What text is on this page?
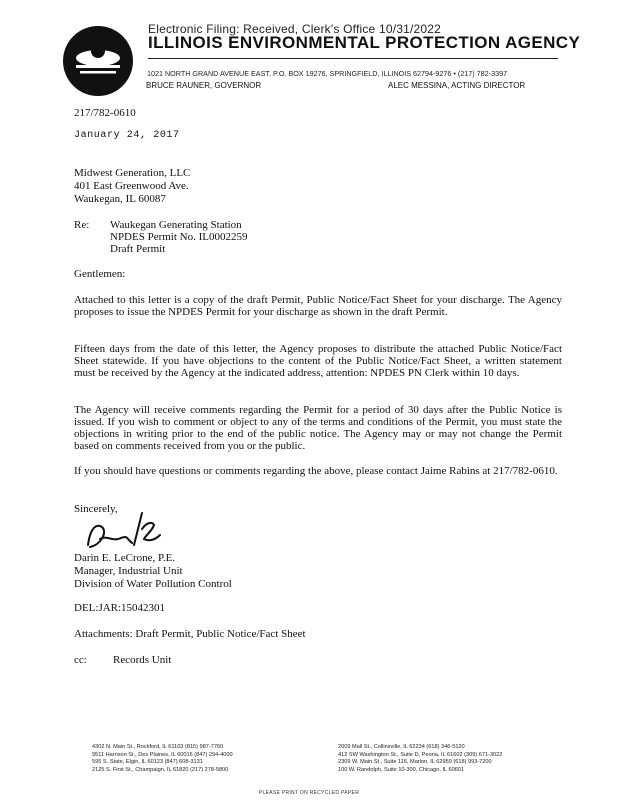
Electronic Filing: Received, Clerk's Office 10/31/2022
ILLINOIS ENVIRONMENTAL PROTECTION AGENCY
1021 NORTH GRAND AVENUE EAST, P.O. BOX 19276, SPRINGFIELD, ILLINOIS 62794-9276 • (217) 782-3397
BRUCE RAUNER, GOVERNOR	ALEC MESSINA, ACTING DIRECTOR
217/782-0610
January 24, 2017
Midwest Generation, LLC
401 East Greenwood Ave.
Waukegan, IL 60087
Re: Waukegan Generating Station
NPDES Permit No. IL0002259
Draft Permit
Gentlemen:
Attached to this letter is a copy of the draft Permit, Public Notice/Fact Sheet for your discharge. The Agency proposes to issue the NPDES Permit for your discharge as shown in the draft Permit.
Fifteen days from the date of this letter, the Agency proposes to distribute the attached Public Notice/Fact Sheet statewide. If you have objections to the content of the Public Notice/Fact Sheet, a written statement must be received by the Agency at the indicated address, attention: NPDES PN Clerk within 10 days.
The Agency will receive comments regarding the Permit for a period of 30 days after the Public Notice is issued. If you wish to comment or object to any of the terms and conditions of the Permit, you must state the objections in writing prior to the end of the public notice. The Agency may or may not change the Permit based on comments received from you or the public.
If you should have questions or comments regarding the above, please contact Jaime Rabins at 217/782-0610.
Sincerely,
Darin E. LeCrone, P.E.
Manager, Industrial Unit
Division of Water Pollution Control
DEL:JAR:15042301
Attachments: Draft Permit, Public Notice/Fact Sheet
cc: Records Unit
4302 N. Main St., Rockford, IL 61103 (815) 987-7760
9511 Harrison St., Des Plaines, IL 60016 (847) 294-4000
595 S. State, Elgin, IL 60123 (847) 608-3131
2125 S. First St., Champaign, IL 61820 (217) 278-5800
2009 Mall St., Collinsville, IL 62234 (618) 346-5120
412 SW Washington St., Suite D, Peoria, IL 61602 (309) 671-3022
2309 W. Main St., Suite 116, Marion, IL 62959 (618) 993-7200
100 W. Randolph, Suite 10-300, Chicago, IL 60601
PLEASE PRINT ON RECYCLED PAPER
